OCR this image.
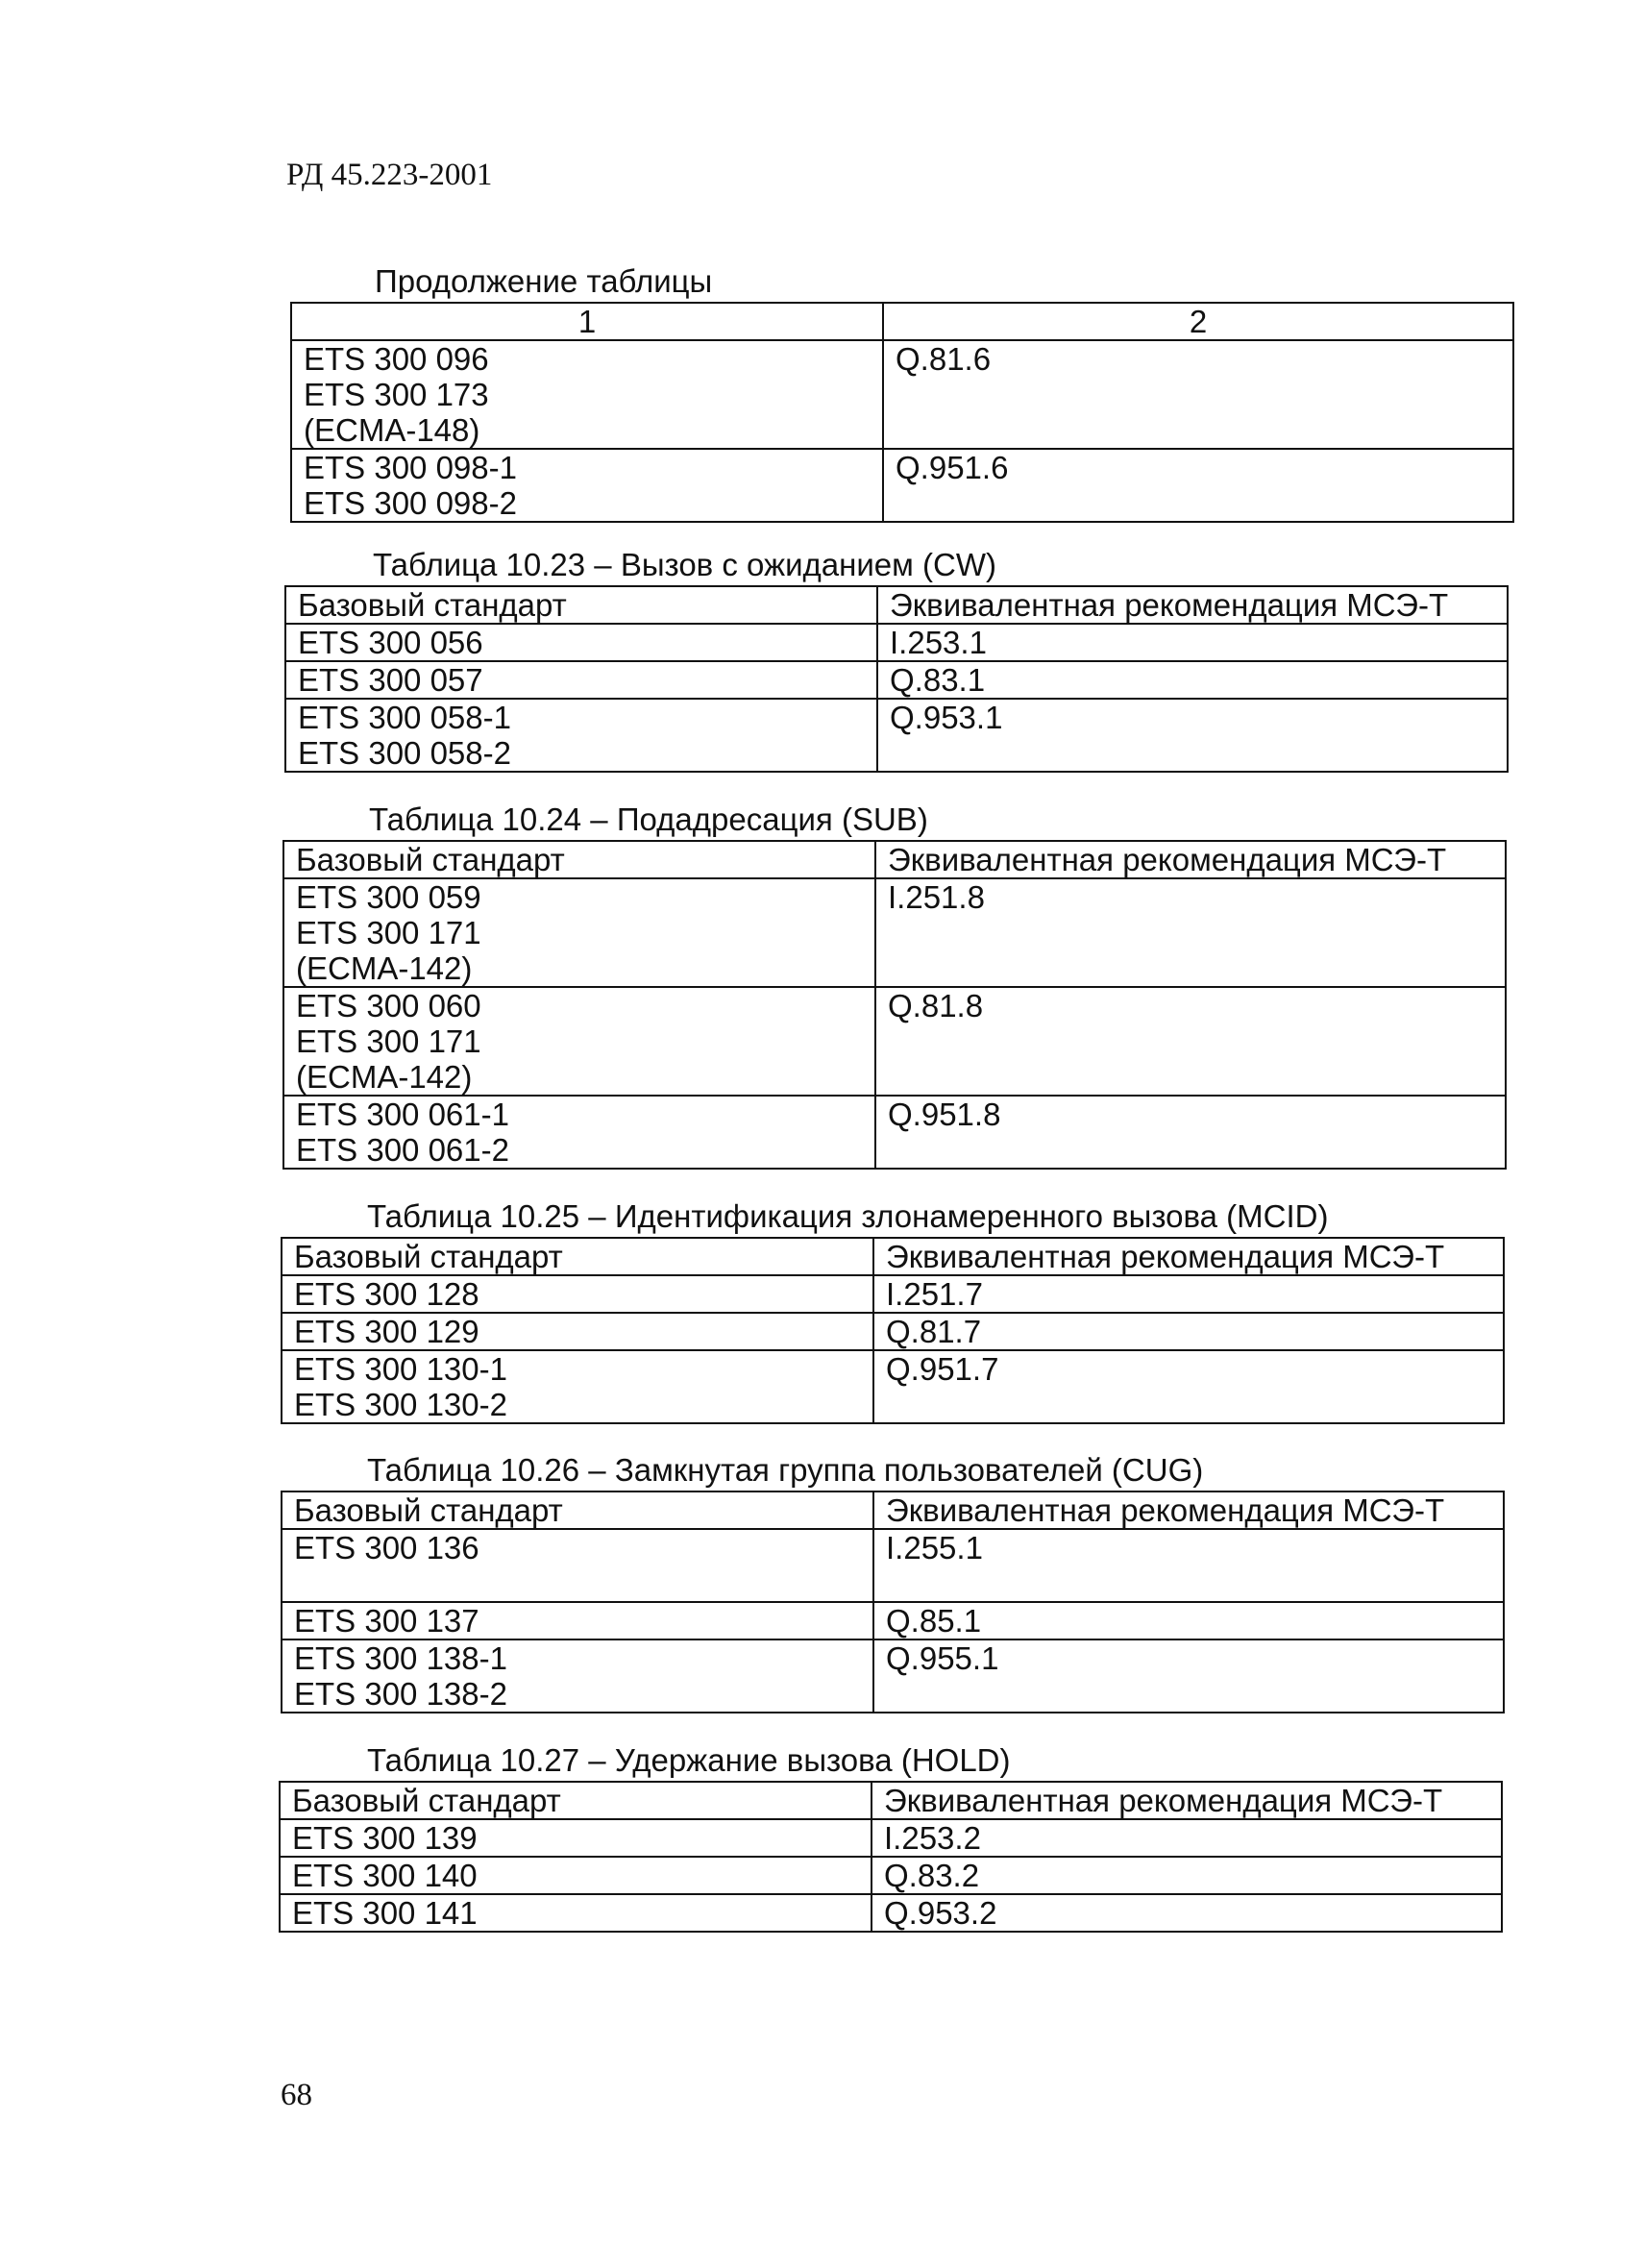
РД 45.223-2001
Продолжение таблицы
1	2

ETS 300 096
ETS 300 173
(ECMA-148)	Q.81.6

ETS 300 098-1
ETS 300 098-2	Q.951.6
Таблица 10.23 – Вызов с ожиданием (CW)
Базовый стандарт	Эквивалентная рекомендация МСЭ-Т

ETS 300 056	I.253.1

ETS 300 057	Q.83.1

ETS 300 058-1
ETS 300 058-2	Q.953.1
Таблица 10.24 – Подадресация (SUB)
Базовый стандарт	Эквивалентная рекомендация МСЭ-Т

ETS 300 059
ETS 300 171
(ECMA-142)	I.251.8

ETS 300 060
ETS 300 171
(ECMA-142)	Q.81.8

ETS 300 061-1
ETS 300 061-2	Q.951.8
Таблица 10.25 – Идентификация злонамеренного вызова (MCID)
Базовый стандарт	Эквивалентная рекомендация МСЭ-Т

ETS 300 128	I.251.7

ETS 300 129	Q.81.7

ETS 300 130-1
ETS 300 130-2	Q.951.7
Таблица 10.26 – Замкнутая группа пользователей (CUG)
Базовый стандарт	Эквивалентная рекомендация МСЭ-Т

ETS 300 136	I.255.1

ETS 300 137	Q.85.1

ETS 300 138-1
ETS 300 138-2	Q.955.1
Таблица 10.27 – Удержание вызова (HOLD)
Базовый стандарт	Эквивалентная рекомендация МСЭ-Т

ETS 300 139	I.253.2

ETS 300 140	Q.83.2

ETS 300 141	Q.953.2
68
